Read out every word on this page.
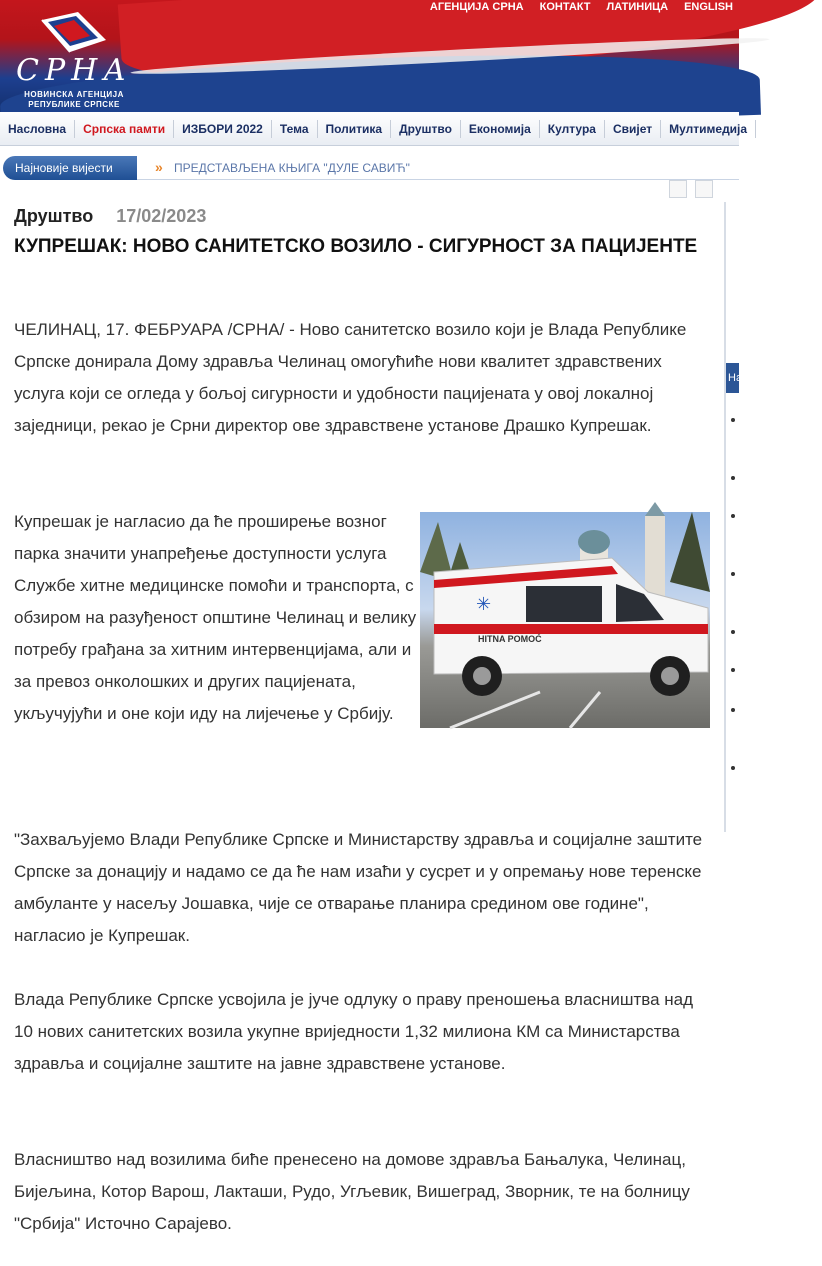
СРНА
НОВИНСКА АГЕНЦИЈА
РЕПУБЛИКЕ СРПСКЕ
АГЕНЦИЈА СРНА КОНТАКТ ЛАТИНИЦА ENGLISH
Насловна	Српска памти	ИЗБОРИ 2022	Тема	Политика	Друштво	Економија	Култура	Свијет	Мултимедија
Најновије вијести	» ПРЕДСТАВЉЕНА КЊИГА "ДУЛЕ САВИЋ"
На
Друштво 17/02/2023
КУПРЕШАК: НОВО САНИТЕТСКО ВОЗИЛО - СИГУРНОСТ ЗА ПАЦИЈЕНТЕ

ЧЕЛИНАЦ, 17. ФЕБРУАРА /СРНА/ - Ново санитетско возило који је Влада Републике Српске донирала Дому здравља Челинац омогућиће нови квалитет здравствених услуга који се огледа у бољој сигурности и удобности пацијената у овој локалној заједници, рекао је Срни директор ове здравствене установе Драшко Купрешак.

Купрешак је нагласио да ће проширење возног парка значити унапређење доступности услуга Службе хитне медицинске помоћи и транспорта, с обзиром на разуђеност општине Челинац и велику потребу грађана за хитним интервенцијама, али и за превоз онколошких и других пацијената, укључујући и оне који иду на лијечење у Србију.

✳
HITNA POMOĆ

"Захваљујемо Влади Републике Српске и Министарству здравља и социјалне заштите Српске за донацију и надамо се да ће нам изаћи у сусрет и у опремању нове теренске амбуланте у насељу Јошавка, чије се отварање планира средином ове године", нагласио је Купрешак.

Влада Републике Српске усвојила је јуче одлуку о праву преношења власништва над 10 нових санитетских возила укупне вриједности 1,32 милиона КМ са Министарства здравља и социјалне заштите на јавне здравствене установе.

Власништво над возилима биће пренесено на домове здравља Бањалука, Челинац, Бијељина, Котор Варош, Лакташи, Рудо, Угљевик, Вишеград, Зворник, те на болницу "Србија" Источно Сарајево.
